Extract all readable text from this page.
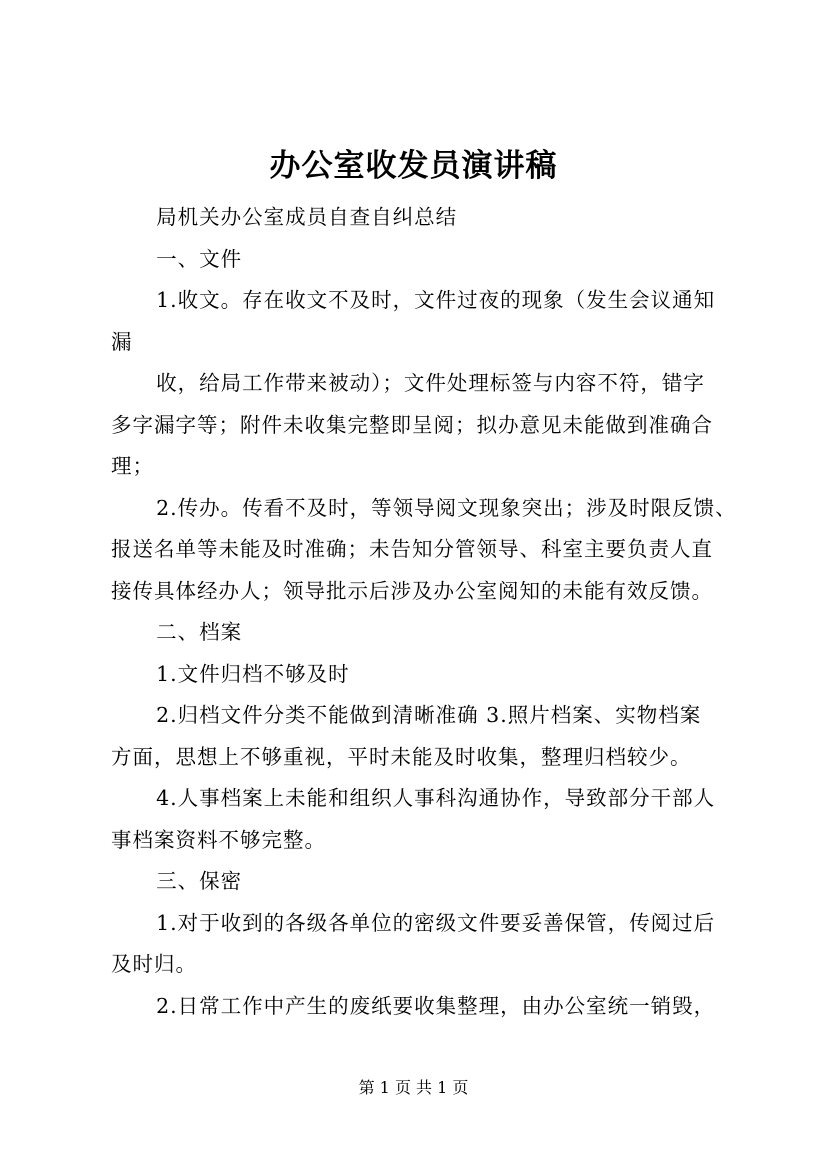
办公室收发员演讲稿

局机关办公室成员自查自纠总结

一、文件

1.收文。存在收文不及时，文件过夜的现象（发生会议通知

漏

收，给局工作带来被动）；文件处理标签与内容不符，错字

多字漏字等；附件未收集完整即呈阅；拟办意见未能做到准确合

理；

2.传办。传看不及时，等领导阅文现象突出；涉及时限反馈、

报送名单等未能及时准确；未告知分管领导、科室主要负责人直

接传具体经办人；领导批示后涉及办公室阅知的未能有效反馈。

二、档案

1.文件归档不够及时

2.归档文件分类不能做到清晰准确 3.照片档案、实物档案

方面，思想上不够重视，平时未能及时收集，整理归档较少。

4.人事档案上未能和组织人事科沟通协作，导致部分干部人

事档案资料不够完整。

三、保密

1.对于收到的各级各单位的密级文件要妥善保管，传阅过后

及时归。

2.日常工作中产生的废纸要收集整理，由办公室统一销毁，

第 1 页 共 1 页
